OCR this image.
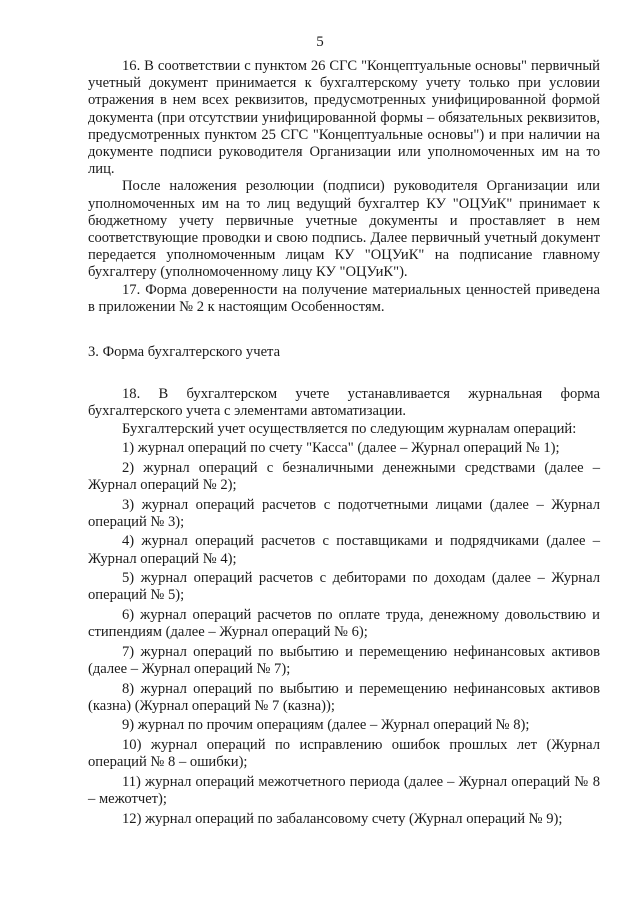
5

16. В соответствии с пунктом 26 СГС "Концептуальные основы" первичный учетный документ принимается к бухгалтерскому учету только при условии отражения в нем всех реквизитов, предусмотренных унифицированной формой документа (при отсутствии унифицированной формы – обязательных реквизитов, предусмотренных пунктом 25 СГС "Концептуальные основы") и при наличии на документе подписи руководителя Организации или уполномоченных им на то лиц.

После наложения резолюции (подписи) руководителя Организации или уполномоченных им на то лиц ведущий бухгалтер КУ "ОЦУиК" принимает к бюджетному учету первичные учетные документы и проставляет в нем соответствующие проводки и свою подпись. Далее первичный учетный документ передается уполномоченным лицам КУ "ОЦУиК" на подписание главному бухгалтеру (уполномоченному лицу КУ "ОЦУиК").

17. Форма доверенности на получение материальных ценностей приведена в приложении № 2 к настоящим Особенностям.

3. Форма бухгалтерского учета

18. В бухгалтерском учете устанавливается журнальная форма бухгалтерского учета с элементами автоматизации.

Бухгалтерский учет осуществляется по следующим журналам операций:

1) журнал операций по счету "Касса" (далее – Журнал операций № 1);

2) журнал операций с безналичными денежными средствами (далее – Журнал операций № 2);

3) журнал операций расчетов с подотчетными лицами (далее – Журнал операций № 3);

4) журнал операций расчетов с поставщиками и подрядчиками (далее – Журнал операций № 4);

5) журнал операций расчетов с дебиторами по доходам (далее – Журнал операций № 5);

6) журнал операций расчетов по оплате труда, денежному довольствию и стипендиям (далее – Журнал операций № 6);

7) журнал операций по выбытию и перемещению нефинансовых активов (далее – Журнал операций № 7);

8) журнал операций по выбытию и перемещению нефинансовых активов (казна) (Журнал операций № 7 (казна));

9) журнал по прочим операциям (далее – Журнал операций № 8);

10) журнал операций по исправлению ошибок прошлых лет (Журнал операций № 8 – ошибки);

11) журнал операций межотчетного периода (далее – Журнал операций № 8 – межотчет);

12) журнал операций по забалансовому счету (Журнал операций № 9);
